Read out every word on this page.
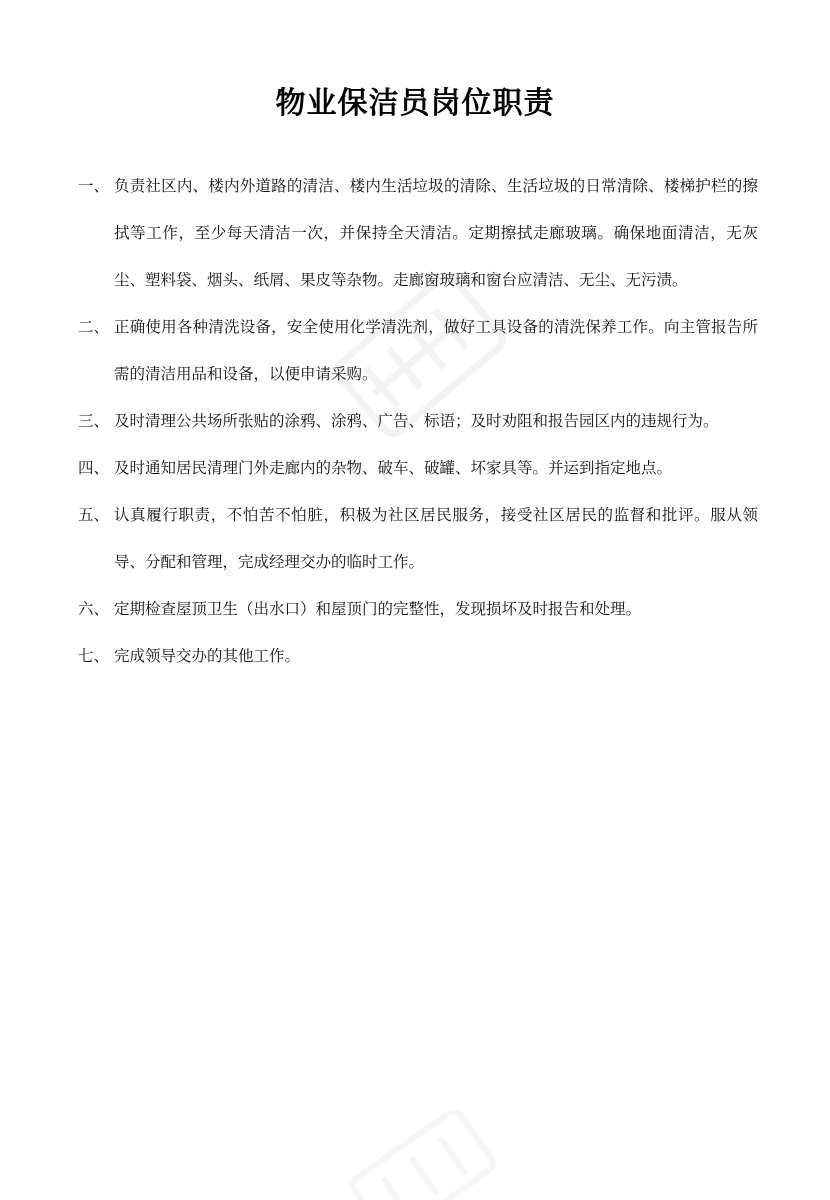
物业保洁员岗位职责
一、 负责社区内、楼内外道路的清洁、楼内生活垃圾的清除、生活垃圾的日常清除、楼梯护栏的擦拭等工作，至少每天清洁一次，并保持全天清洁。定期擦拭走廊玻璃。确保地面清洁，无灰尘、塑料袋、烟头、纸屑、果皮等杂物。走廊窗玻璃和窗台应清洁、无尘、无污渍。
二、 正确使用各种清洗设备，安全使用化学清洗剂，做好工具设备的清洗保养工作。向主管报告所需的清洁用品和设备，以便申请采购。
三、 及时清理公共场所张贴的涂鸦、涂鸦、广告、标语；及时劝阻和报告园区内的违规行为。
四、 及时通知居民清理门外走廊内的杂物、破车、破罐、坏家具等。并运到指定地点。
五、 认真履行职责，不怕苦不怕脏，积极为社区居民服务，接受社区居民的监督和批评。服从领导、分配和管理，完成经理交办的临时工作。
六、 定期检查屋顶卫生（出水口）和屋顶门的完整性，发现损坏及时报告和处理。
七、 完成领导交办的其他工作。
